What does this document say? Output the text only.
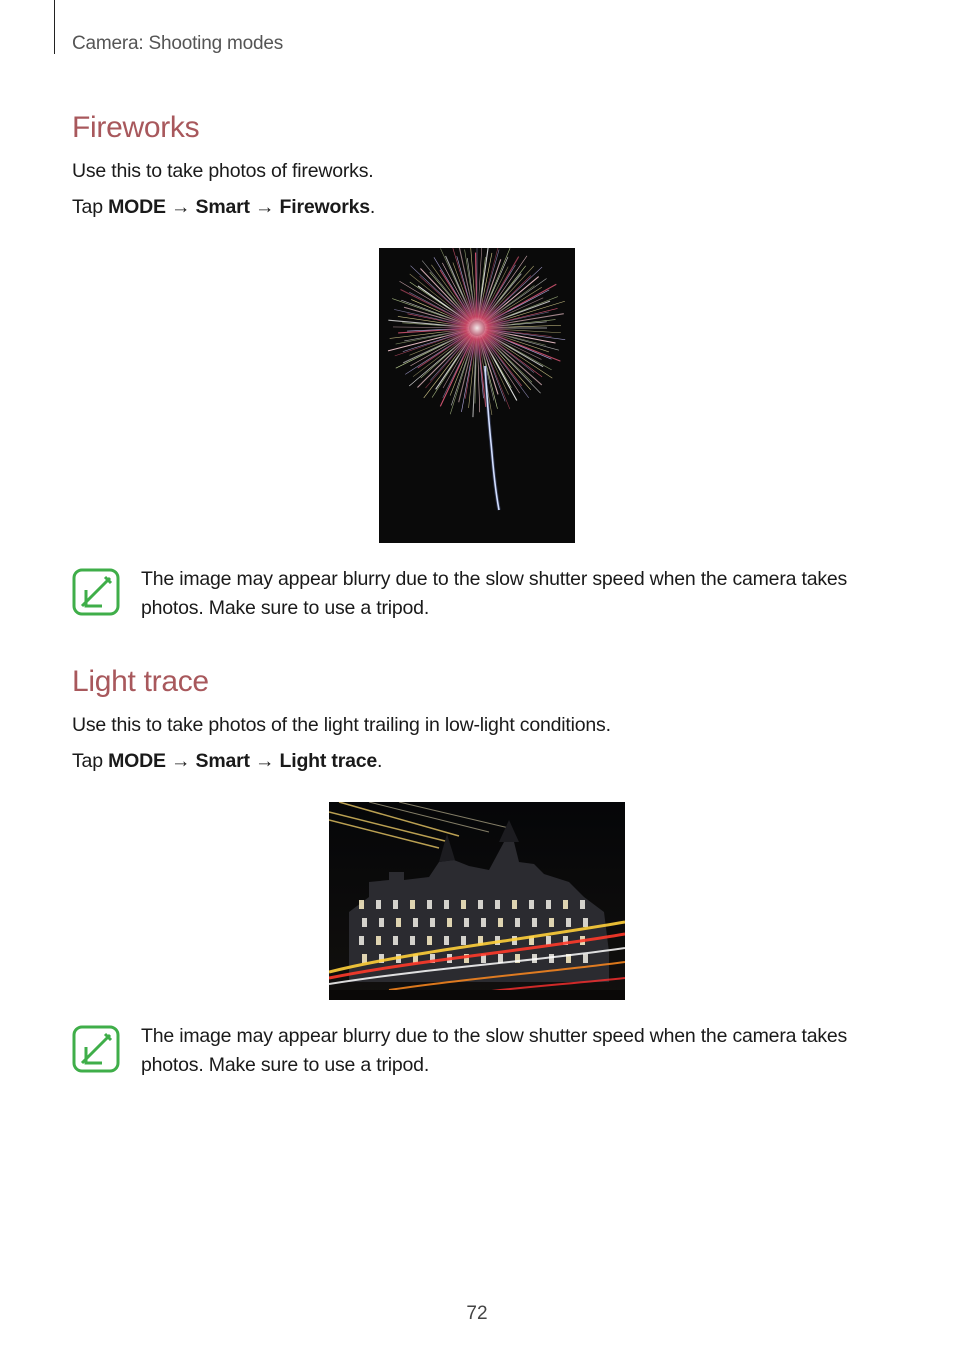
Camera: Shooting modes
Fireworks

Use this to take photos of fireworks.

Tap MODE → Smart → Fireworks.

The image may appear blurry due to the slow shutter speed when the camera takes photos. Make sure to use a tripod.

Light trace

Use this to take photos of the light trailing in low-light conditions.

Tap MODE → Smart → Light trace.

The image may appear blurry due to the slow shutter speed when the camera takes photos. Make sure to use a tripod.

72
